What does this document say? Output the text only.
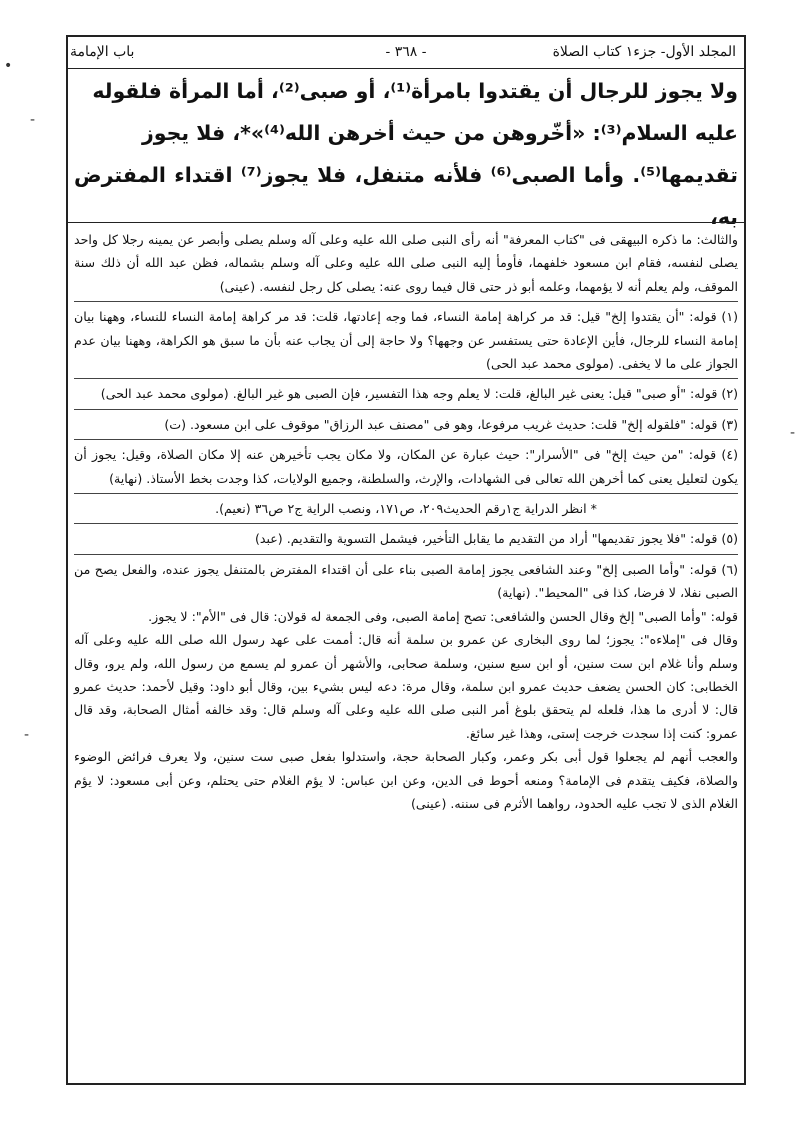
المجلد الأول- جزء١ كتاب الصلاة
- ٣٦٨ -
باب الإمامة

ولا يجوز للرجال أن يقتدوا بامرأة⁽¹⁾، أو صبى⁽²⁾، أما المرأة فلقوله

عليه السلام⁽³⁾: «أخّروهن من حيث أخرهن الله⁽⁴⁾»*، فلا يجوز

تقديمها⁽⁵⁾. وأما الصبى⁽⁶⁾ فلأنه متنفل، فلا يجوز⁽⁷⁾ اقتداء المفترض به،

والثالث: ما ذكره البيهقى فى "كتاب المعرفة" أنه رأى النبى صلى الله عليه وعلى آله وسلم يصلى وأبصر عن يمينه رجلا كل واحد يصلى لنفسه، فقام ابن مسعود خلفهما، فأومأ إليه النبى صلى الله عليه وعلى آله وسلم بشماله، فظن عبد الله أن ذلك سنة الموقف، ولم يعلم أنه لا يؤمهما، وعلمه أبو ذر حتى قال فيما روى عنه: يصلى كل رجل لنفسه. (عينى)

(١) قوله: "أن يقتدوا إلخ" قيل: قد مر كراهة إمامة النساء، فما وجه إعادتها، قلت: قد مر كراهة إمامة النساء للنساء، وههنا بيان إمامة النساء للرجال، فأين الإعادة حتى يستفسر عن وجهها؟ ولا حاجة إلى أن يجاب عنه بأن ما سبق هو الكراهة، وههنا بيان عدم الجواز على ما لا يخفى. (مولوى محمد عبد الحى)

(٢) قوله: "أو صبى" قيل: يعنى غير البالغ، قلت: لا يعلم وجه هذا التفسير، فإن الصبى هو غير البالغ. (مولوى محمد عبد الحى)

(٣) قوله: "فلقوله إلخ" قلت: حديث غريب مرفوعا، وهو فى "مصنف عبد الرزاق" موقوف على ابن مسعود. (ت)

(٤) قوله: "من حيث إلخ" فى "الأسرار": حيث عبارة عن المكان، ولا مكان يجب تأخيرهن عنه إلا مكان الصلاة، وقيل: يجوز أن يكون لتعليل يعنى كما أخرهن الله تعالى فى الشهادات، والإرث، والسلطنة، وجميع الولايات، كذا وجدت بخط الأستاذ. (نهاية)

* انظر الدراية ج١رقم الحديث٢٠٩، ص١٧١، ونصب الراية ج٢ ص٣٦ (نعيم).

(٥) قوله: "فلا يجوز تقديمها" أراد من التقديم ما يقابل التأخير، فيشمل التسوية والتقديم. (عبد)

(٦) قوله: "وأما الصبى إلخ" وعند الشافعى يجوز إمامة الصبى بناء على أن اقتداء المفترض بالمتنفل يجوز عنده، والفعل يصح من الصبى نفلا، لا فرضا، كذا فى "المحيط". (نهاية)

قوله: "وأما الصبى" إلخ وقال الحسن والشافعى: تصح إمامة الصبى، وفى الجمعة له قولان: قال فى "الأم": لا يجوز.

وقال فى "إملاءه": يجوز؛ لما روى البخارى عن عمرو بن سلمة أنه قال: أممت على عهد رسول الله صلى الله عليه وعلى آله وسلم وأنا غلام ابن ست سنين، أو ابن سبع سنين، وسلمة صحابى، والأشهر أن عمرو لم يسمع من رسول الله، ولم يرو، وقال الخطابى: كان الحسن يضعف حديث عمرو ابن سلمة، وقال مرة: دعه ليس بشيء بين، وقال أبو داود: وقيل لأحمد: حديث عمرو قال: لا أدرى ما هذا، فلعله لم يتحقق بلوغ أمر النبى صلى الله عليه وعلى آله وسلم قال: وقد خالفه أمثال الصحابة، وقد قال عمرو: كنت إذا سجدت خرجت إستى، وهذا غير سائغ.

والعجب أنهم لم يجعلوا قول أبى بكر وعمر، وكبار الصحابة حجة، واستدلوا بفعل صبى ست سنين، ولا يعرف فرائض الوضوء والصلاة، فكيف يتقدم فى الإمامة؟ ومنعه أحوط فى الدين، وعن ابن عباس: لا يؤم الغلام حتى يحتلم، وعن أبى مسعود: لا يؤم الغلام الذى لا تجب عليه الحدود، رواهما الأثرم فى سننه. (عينى)

•
-
-
-
